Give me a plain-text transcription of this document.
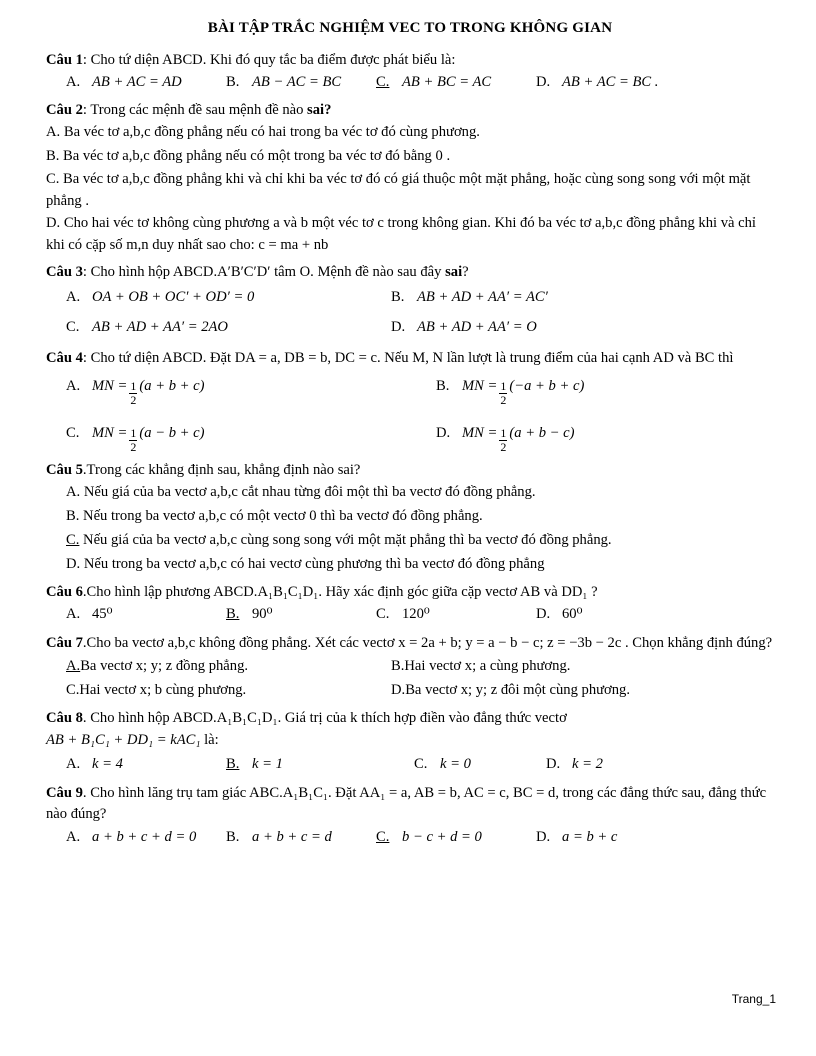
BÀI TẬP TRẮC NGHIỆM VEC TO TRONG KHÔNG GIAN
Câu 1: Cho tứ diện ABCD. Khi đó quy tắc ba điểm được phát biểu là:
A. AB + AC = AD	B. AB − AC = BC C. AB + BC = AC	D. AB + AC = BC .
Câu 2: Trong các mệnh đề sau mệnh đề nào sai?
A. Ba véc tơ a,b,c đồng phẳng nếu có hai trong ba véc tơ đó cùng phương.
B. Ba véc tơ a,b,c đồng phẳng nếu có một trong ba véc tơ đó bằng 0 .
C. Ba véc tơ a,b,c đồng phẳng khi và chỉ khi ba véc tơ đó có giá thuộc một mặt phẳng, hoặc cùng song song với một mặt phẳng .
D. Cho hai véc tơ không cùng phương a và b một véc tơ c trong không gian. Khi đó ba véc tơ a,b,c đồng phẳng khi và chỉ khi có cặp số m,n duy nhất sao cho: c = ma + nb
Câu 3: Cho hình hộp ABCD.A′B′C′D′ tâm O. Mệnh đề nào sau đây sai?
A. OA + OB + OC′ + OD′ = 0	B. AB + AD + AA′ = AC′
C. AB + AD + AA′ = 2AO	D. AB + AD + AA′ = O
Câu 4: Cho tứ diện ABCD. Đặt DA = a, DB = b, DC = c. Nếu M, N lần lượt là trung điểm của hai cạnh AD và BC thì
A. MN = $\frac{1}{2} (a + b + c)$	B. MN = $\frac{1}{2} (-a + b + c)$
C. MN = $\frac{1}{2} (a - b + c)$	D. MN = $\frac{1}{2} (a + b - c)$
Câu 5.Trong các khẳng định sau, khẳng định nào sai?
A. Nếu giá của ba vectơ a,b,c cắt nhau từng đôi một thì ba vectơ đó đồng phẳng.
B. Nếu trong ba vectơ a,b,c có một vectơ 0 thì ba vectơ đó đồng phẳng.
C. Nếu giá của ba vectơ a,b,c cùng song song với một mặt phẳng thì ba vectơ đó đồng phẳng.
D. Nếu trong ba vectơ a,b,c có hai vectơ cùng phương thì ba vectơ đó đồng phẳng
Câu 6.Cho hình lập phương ABCD.A₁B₁C₁D₁. Hãy xác định góc giữa cặp vectơ AB và DD₁ ?
A. 45⁰	B. 90⁰	C. 120⁰	D. 60⁰
Câu 7.Cho ba vectơ a,b,c không đồng phẳng. Xét các vectơ x = 2a + b; y = a − b − c; z = −3b − 2c . Chọn khẳng định đúng?
A. Ba vectơ x; y; z đồng phẳng.	B. Hai vectơ x; a cùng phương.
C. Hai vectơ x; b cùng phương.	D. Ba vectơ x; y; z đôi một cùng phương.
Câu 8. Cho hình hộp ABCD.A₁B₁C₁D₁. Giá trị của k thích hợp điền vào đẳng thức vectơ
AB + B₁C₁ + DD₁ = kAC₁ là:
A. k = 4	B. k = 1	C. k = 0	D. k = 2
Câu 9. Cho hình lăng trụ tam giác ABC.A₁B₁C₁. Đặt AA₁ = a, AB = b, AC = c, BC = d, trong các đẳng thức sau, đẳng thức nào đúng?
A. a + b + c + d = 0 B. a + b + c = d	C. b − c + d = 0	D. a = b + c
Trang_1
